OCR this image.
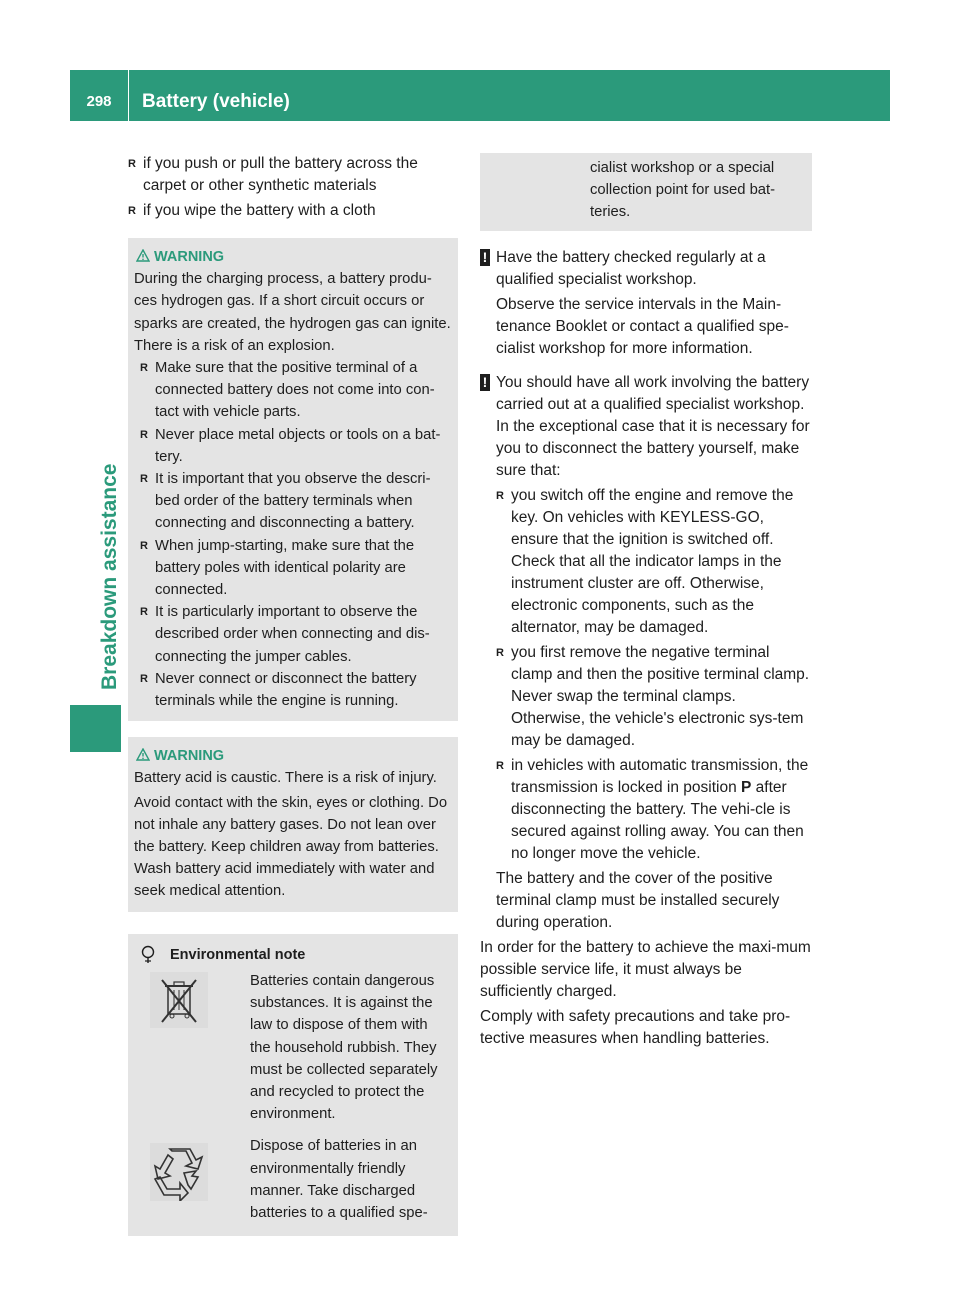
298	Battery (vehicle)
Breakdown assistance
R if you push or pull the battery across the carpet or other synthetic materials
R if you wipe the battery with a cloth
WARNING

During the charging process, a battery produ-ces hydrogen gas. If a short circuit occurs or sparks are created, the hydrogen gas can ignite. There is a risk of an explosion.

R Make sure that the positive terminal of a connected battery does not come into con-tact with vehicle parts.
R Never place metal objects or tools on a bat-tery.
R It is important that you observe the descri-bed order of the battery terminals when connecting and disconnecting a battery.
R When jump-starting, make sure that the battery poles with identical polarity are connected.
R It is particularly important to observe the described order when connecting and dis-connecting the jumper cables.
R Never connect or disconnect the battery terminals while the engine is running.
WARNING

Battery acid is caustic. There is a risk of injury.

Avoid contact with the skin, eyes or clothing. Do not inhale any battery gases. Do not lean over the battery. Keep children away from batteries. Wash battery acid immediately with water and seek medical attention.

Environmental note
Batteries contain dangerous substances. It is against the law to dispose of them with the household rubbish. They must be collected separately and recycled to protect the environment.
Dispose of batteries in an environmentally friendly manner. Take discharged batteries to a qualified spe-
cialist workshop or a special collection point for used bat-teries.
! Have the battery checked regularly at a qualified specialist workshop.

Observe the service intervals in the Main-tenance Booklet or contact a qualified spe-cialist workshop for more information.

! You should have all work involving the battery carried out at a qualified specialist workshop. In the exceptional case that it is necessary for you to disconnect the battery yourself, make sure that:

R you switch off the engine and remove the key. On vehicles with KEYLESS-GO, ensure that the ignition is switched off. Check that all the indicator lamps in the instrument cluster are off. Otherwise, electronic components, such as the alternator, may be damaged.
R you first remove the negative terminal clamp and then the positive terminal clamp. Never swap the terminal clamps. Otherwise, the vehicle's electronic sys-tem may be damaged.
R in vehicles with automatic transmission, the transmission is locked in position P after disconnecting the battery. The vehi-cle is secured against rolling away. You can then no longer move the vehicle.
The battery and the cover of the positive terminal clamp must be installed securely during operation.

In order for the battery to achieve the maxi-mum possible service life, it must always be sufficiently charged.

Comply with safety precautions and take pro-tective measures when handling batteries.
